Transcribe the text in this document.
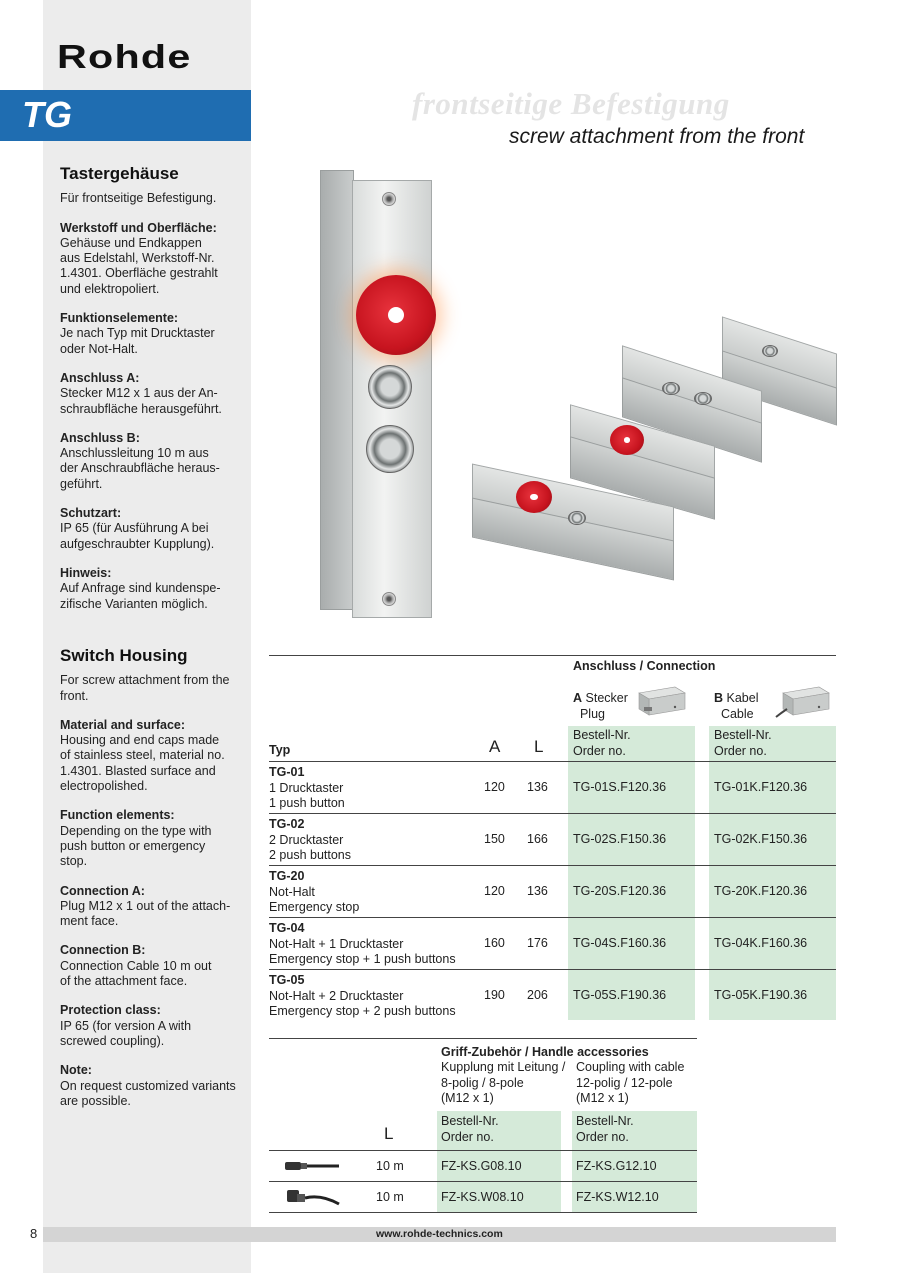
Rohde
TG	frontseitige Befestigung
screw attachment from the front
Tastergehäuse

Für frontseitige Befestigung.

Werkstoff und Oberfläche:
Gehäuse und Endkappen
aus Edelstahl, Werkstoff-Nr.
1.4301. Oberfläche gestrahlt
und elektropoliert.

Funktionselemente:
Je nach Typ mit Drucktaster
oder Not-Halt.

Anschluss A:
Stecker M12 x 1 aus der An-
schraubfläche herausgeführt.

Anschluss B:
Anschlussleitung 10 m aus
der Anschraubfläche heraus-
geführt.

Schutzart:
IP 65 (für Ausführung A bei
aufgeschraubter Kupplung).

Hinweis:
Auf Anfrage sind kundenspe-
zifische Varianten möglich.

Switch Housing

For screw attachment from the
front.

Material and surface:
Housing and end caps made
of stainless steel, material no.
1.4301. Blasted surface and
electropolished.

Function elements:
Depending on the type with
push button or emergency
stop.

Connection A:
Plug M12 x 1 out of the attach-
ment face.

Connection B:
Connection Cable 10 m out
of the attachment face.

Protection class:
IP 65 (for version A with
screwed coupling).

Note:
On request customized variants
are possible.

Anschluss / Connection
A Stecker
Plug
B Kabel
Cable
Bestell-Nr.
Order no.
Bestell-Nr.
Order no.
Typ	A L
TG-01
1 Drucktaster
1 push button
120 136 TG-01S.F120.36	TG-01K.F120.36
TG-02
2 Drucktaster
2 push buttons
150 166 TG-02S.F150.36	TG-02K.F150.36
TG-20
Not-Halt
Emergency stop
120 136 TG-20S.F120.36	TG-20K.F120.36
TG-04
Not-Halt + 1 Drucktaster
Emergency stop + 1 push buttons
160 176 TG-04S.F160.36	TG-04K.F160.36
TG-05
Not-Halt + 2 Drucktaster
Emergency stop + 2 push buttons
190 206 TG-05S.F190.36	TG-05K.F190.36
Griff-Zubehör / Handle accessories
Kupplung mit Leitung /
8-polig / 8-pole
(M12 x 1)
Coupling with cable
12-polig / 12-pole
(M12 x 1)
Bestell-Nr.
Order no.
Bestell-Nr.
Order no.
L
10 m	FZ-KS.G08.10	FZ-KS.G12.10
10 m	FZ-KS.W08.10	FZ-KS.W12.10
8	www.rohde-technics.com
